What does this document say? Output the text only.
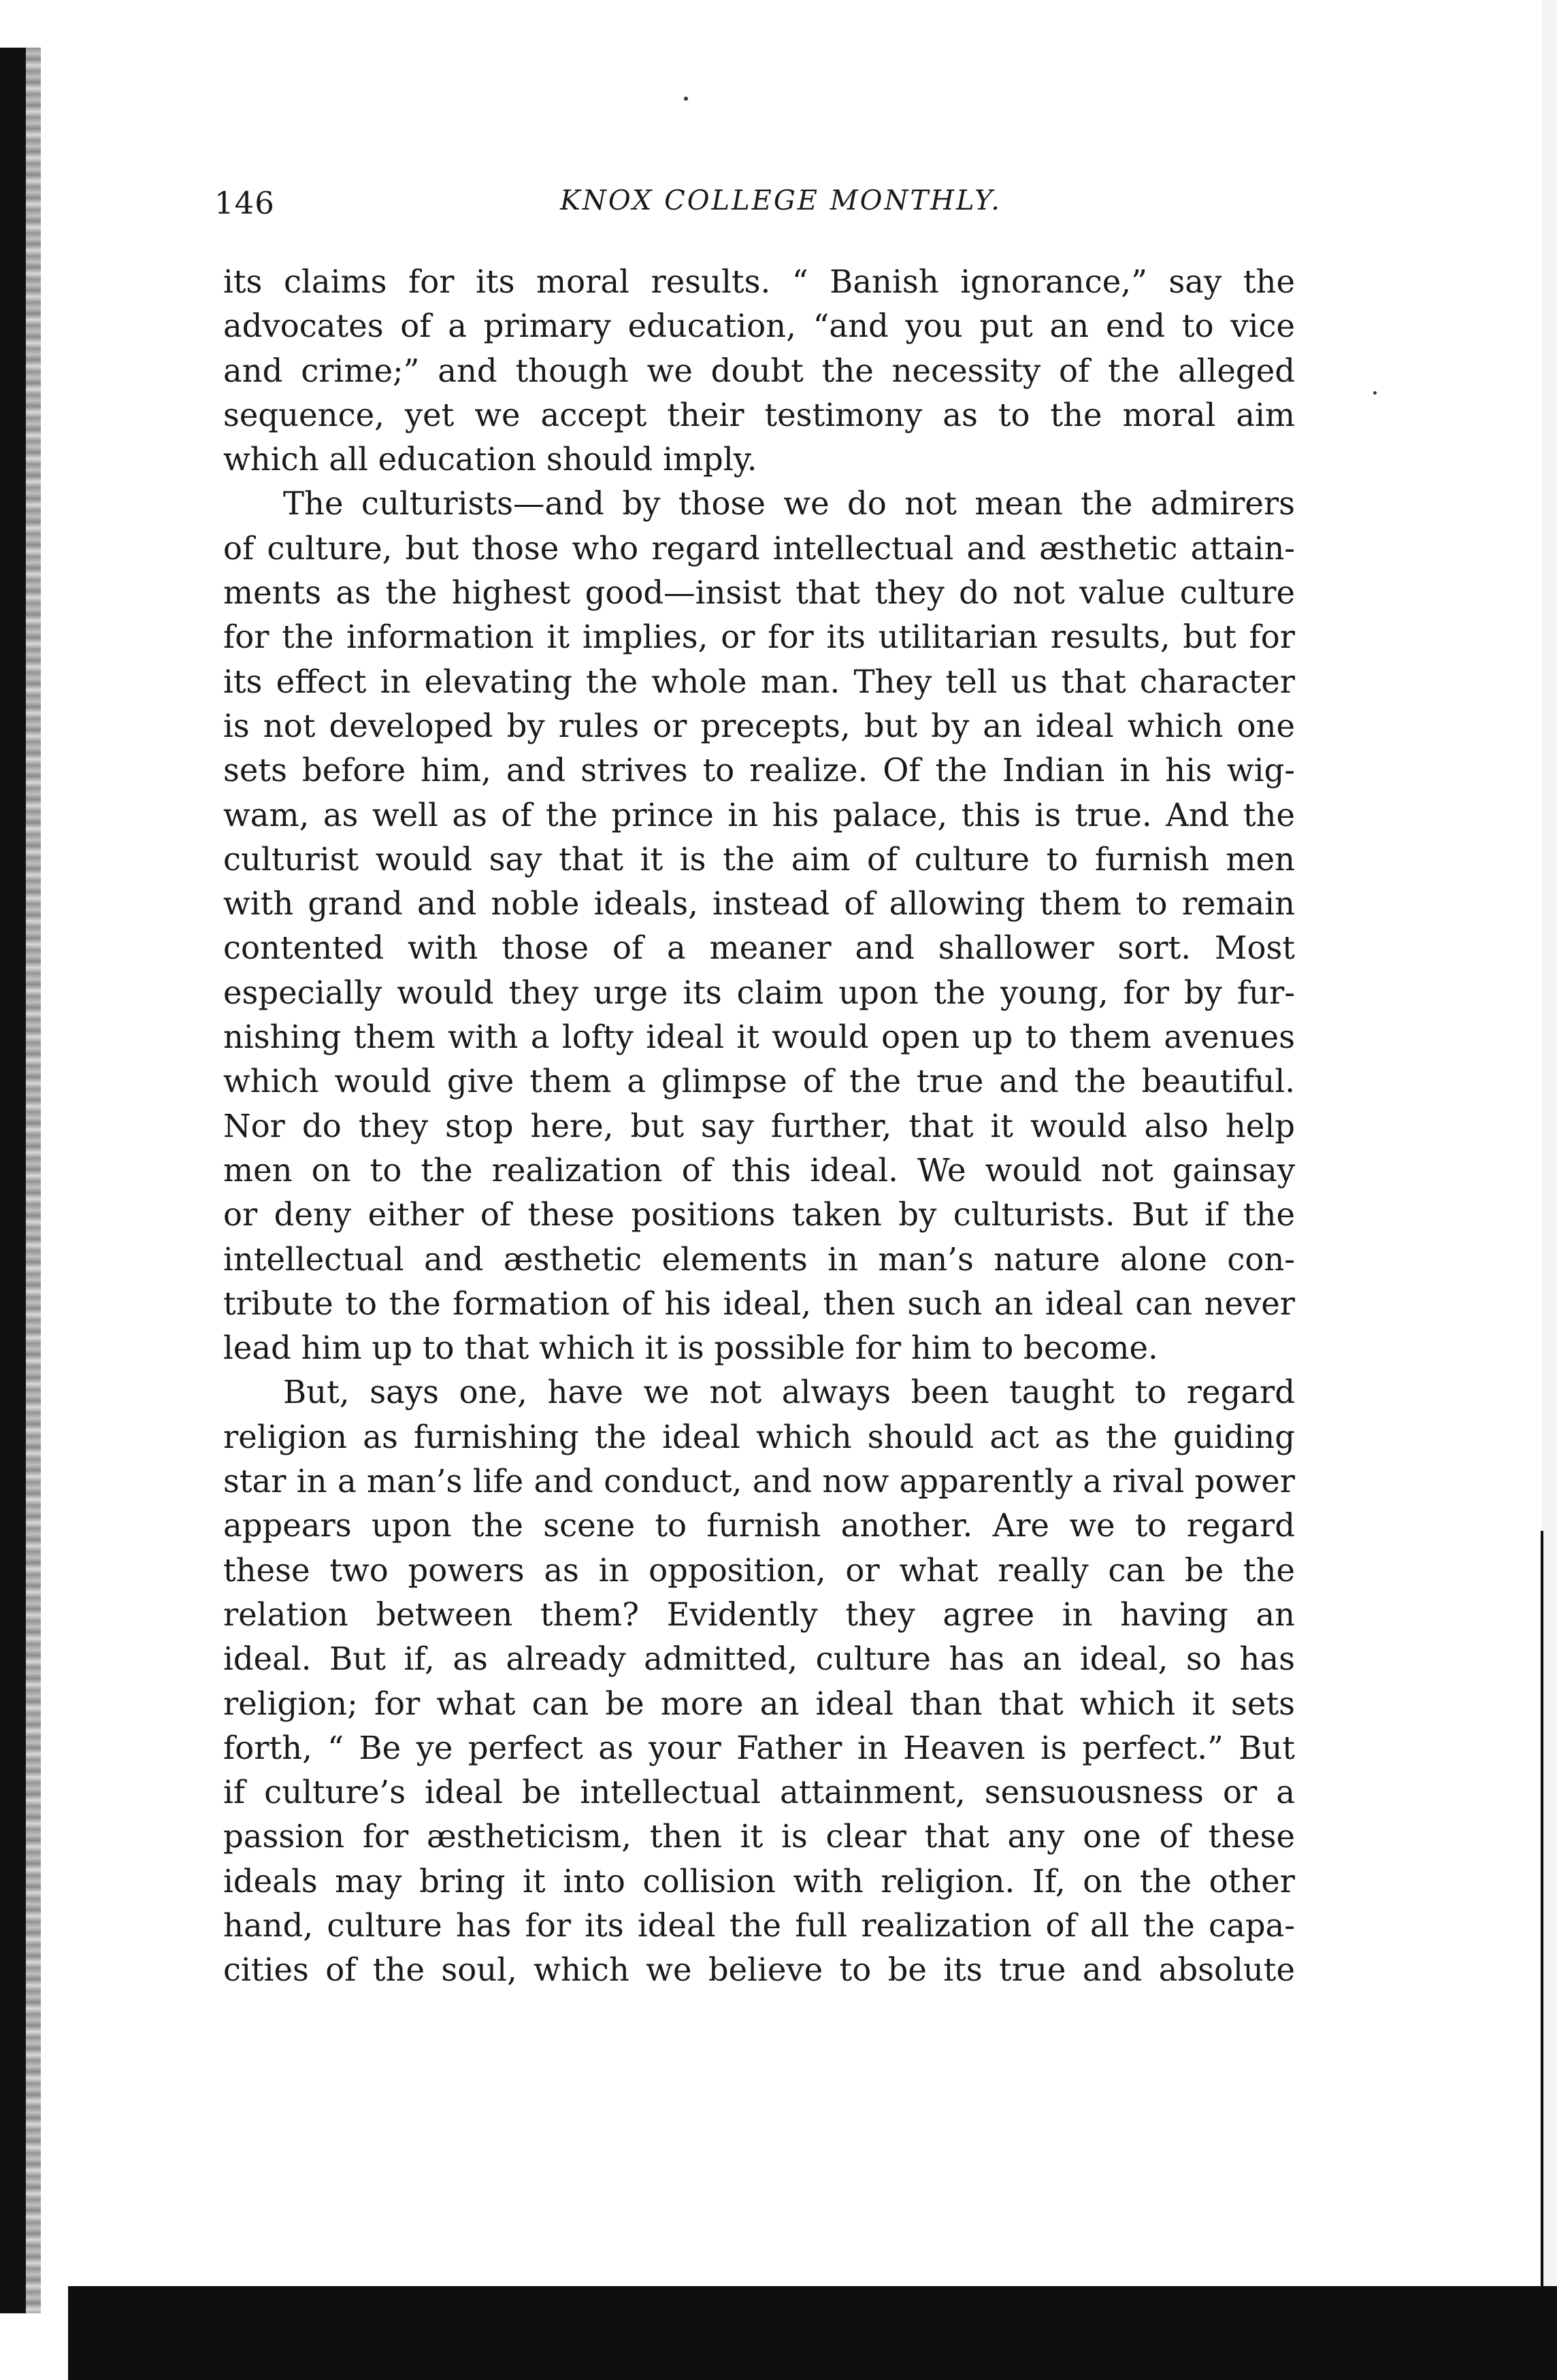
146	KNOX COLLEGE MONTHLY.
its claims for its moral results. “ Banish ignorance,” say the
advocates of a primary education, “and you put an end to vice
and crime;” and though we doubt the necessity of the alleged
sequence, yet we accept their testimony as to the moral aim
which all education should imply.
The culturists—and by those we do not mean the admirers
of culture, but those who regard intellectual and æsthetic attain-
ments as the highest good—insist that they do not value culture
for the information it implies, or for its utilitarian results, but for
its effect in elevating the whole man. They tell us that character
is not developed by rules or precepts, but by an ideal which one
sets before him, and strives to realize. Of the Indian in his wig-
wam, as well as of the prince in his palace, this is true. And the
culturist would say that it is the aim of culture to furnish men
with grand and noble ideals, instead of allowing them to remain
contented with those of a meaner and shallower sort. Most
especially would they urge its claim upon the young, for by fur-
nishing them with a lofty ideal it would open up to them avenues
which would give them a glimpse of the true and the beautiful.
Nor do they stop here, but say further, that it would also help
men on to the realization of this ideal. We would not gainsay
or deny either of these positions taken by culturists. But if the
intellectual and æsthetic elements in man’s nature alone con-
tribute to the formation of his ideal, then such an ideal can never
lead him up to that which it is possible for him to become.
But, says one, have we not always been taught to regard
religion as furnishing the ideal which should act as the guiding
star in a man’s life and conduct, and now apparently a rival power
appears upon the scene to furnish another. Are we to regard
these two powers as in opposition, or what really can be the
relation between them? Evidently they agree in having an
ideal. But if, as already admitted, culture has an ideal, so has
religion; for what can be more an ideal than that which it sets
forth, “ Be ye perfect as your Father in Heaven is perfect.” But
if culture’s ideal be intellectual attainment, sensuousness or a
passion for æstheticism, then it is clear that any one of these
ideals may bring it into collision with religion. If, on the other
hand, culture has for its ideal the full realization of all the capa-
cities of the soul, which we believe to be its true and absolute
